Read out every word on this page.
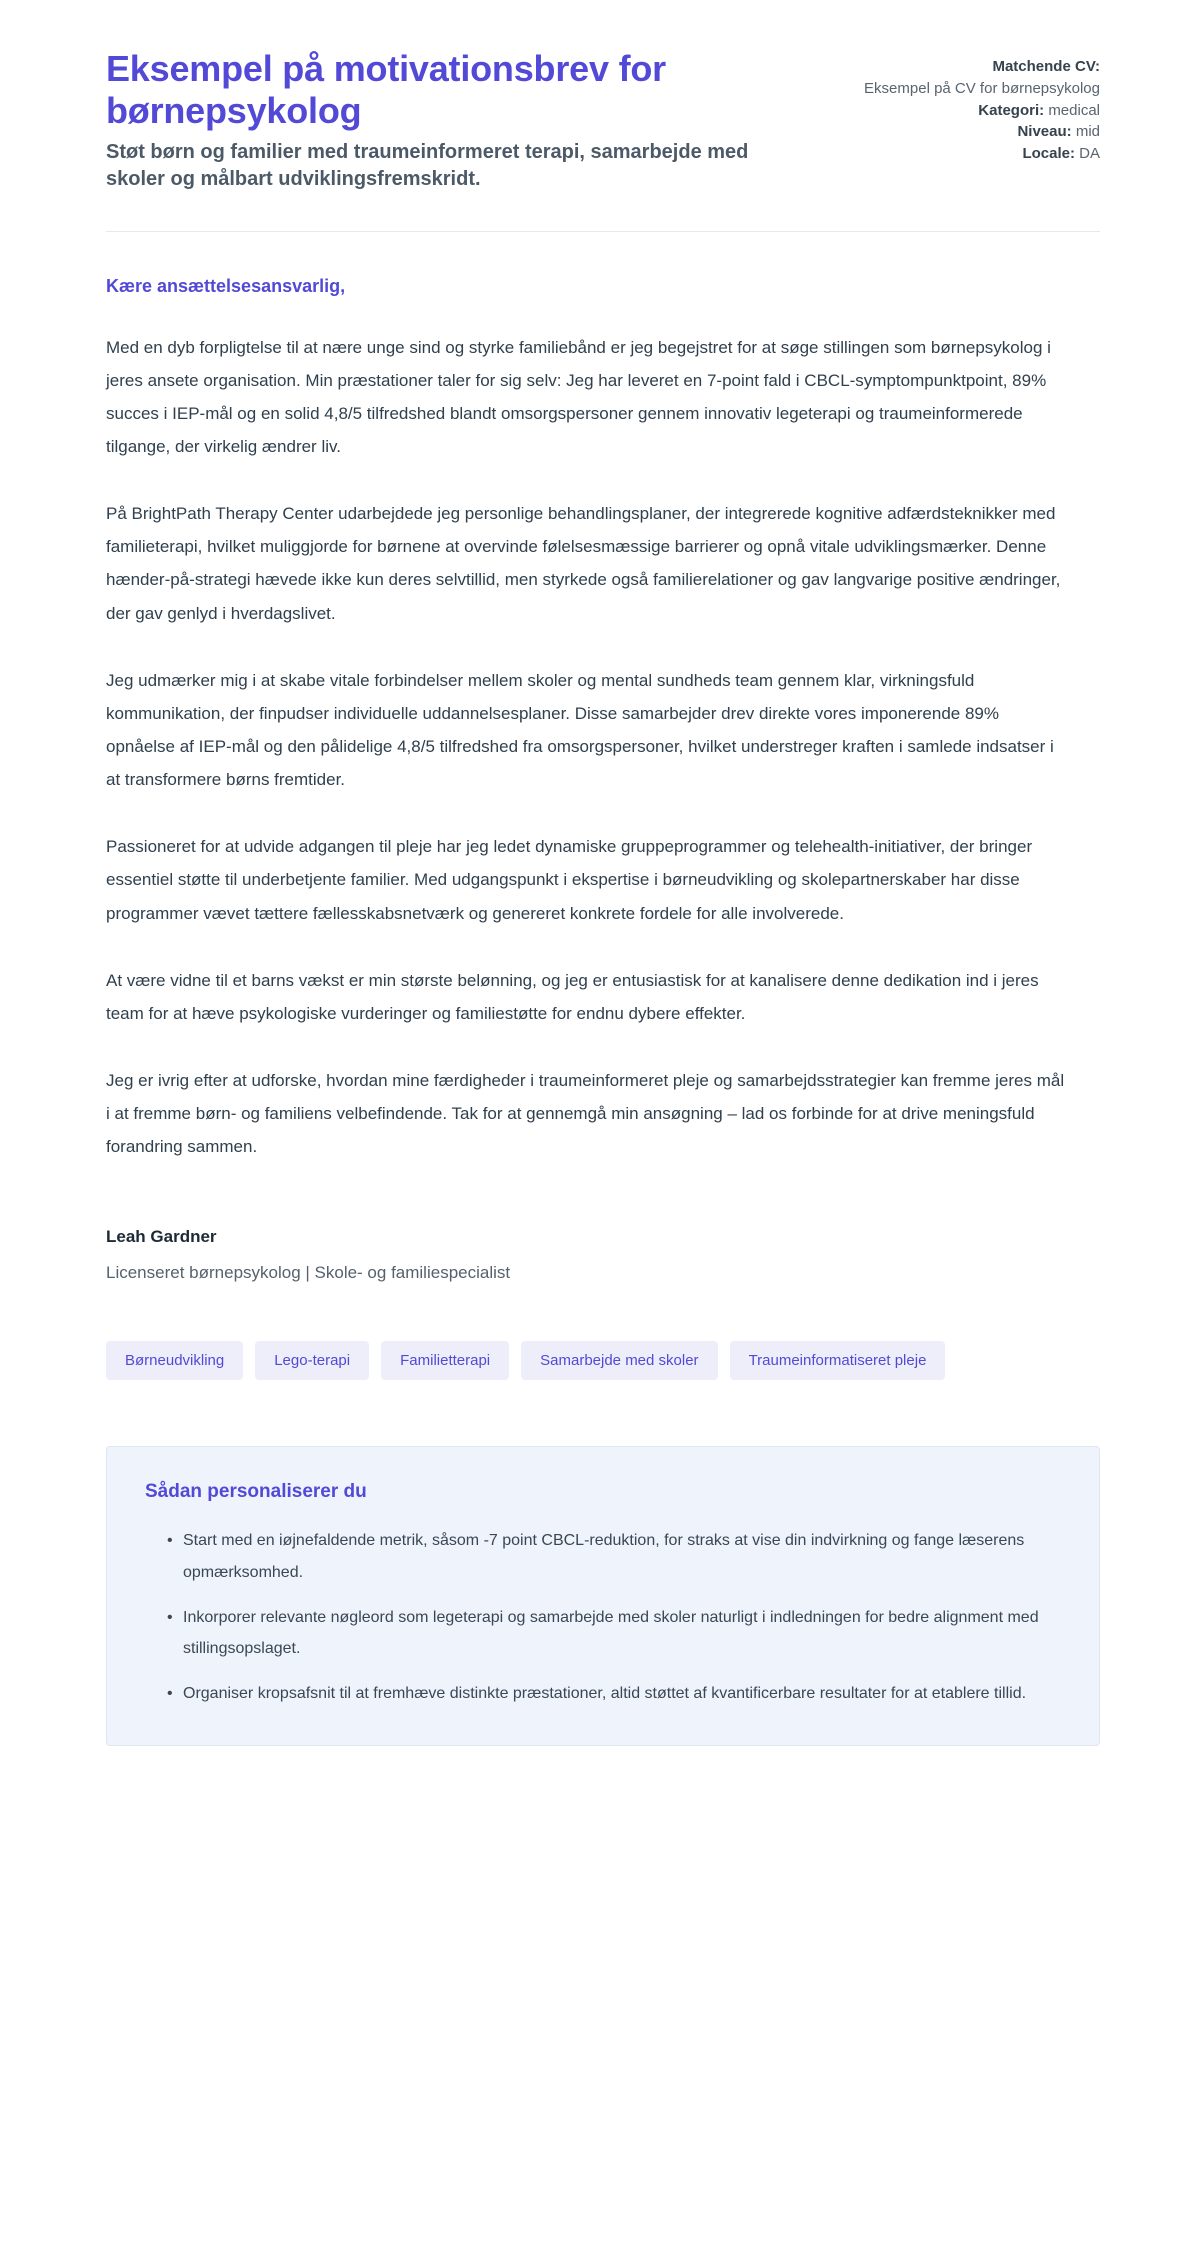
Eksempel på motivationsbrev for børnepsykolog

Støt børn og familier med traumeinformeret terapi, samarbejde med skoler og målbart udviklingsfremskridt.

Matchende CV:
Eksempel på CV for børnepsykolog
Kategori: medical
Niveau: mid
Locale: DA

Kære ansættelsesansvarlig,

Med en dyb forpligtelse til at nære unge sind og styrke familiebånd er jeg begejstret for at søge stillingen som børnepsykolog i jeres ansete organisation. Min præstationer taler for sig selv: Jeg har leveret en 7-point fald i CBCL-symptompunktpoint, 89% succes i IEP-mål og en solid 4,8/5 tilfredshed blandt omsorgspersoner gennem innovativ legeterapi og traumeinformerede tilgange, der virkelig ændrer liv.

På BrightPath Therapy Center udarbejdede jeg personlige behandlingsplaner, der integrerede kognitive adfærdsteknikker med familieterapi, hvilket muliggjorde for børnene at overvinde følelsesmæssige barrierer og opnå vitale udviklingsmærker. Denne hænder-på-strategi hævede ikke kun deres selvtillid, men styrkede også familierelationer og gav langvarige positive ændringer, der gav genlyd i hverdagslivet.

Jeg udmærker mig i at skabe vitale forbindelser mellem skoler og mental sundheds team gennem klar, virkningsfuld kommunikation, der finpudser individuelle uddannelsesplaner. Disse samarbejder drev direkte vores imponerende 89% opnåelse af IEP-mål og den pålidelige 4,8/5 tilfredshed fra omsorgspersoner, hvilket understreger kraften i samlede indsatser i at transformere børns fremtider.

Passioneret for at udvide adgangen til pleje har jeg ledet dynamiske gruppeprogrammer og telehealth-initiativer, der bringer essentiel støtte til underbetjente familier. Med udgangspunkt i ekspertise i børneudvikling og skolepartnerskaber har disse programmer vævet tættere fællesskabsnetværk og genereret konkrete fordele for alle involverede.

At være vidne til et barns vækst er min største belønning, og jeg er entusiastisk for at kanalisere denne dedikation ind i jeres team for at hæve psykologiske vurderinger og familiestøtte for endnu dybere effekter.

Jeg er ivrig efter at udforske, hvordan mine færdigheder i traumeinformeret pleje og samarbejdsstrategier kan fremme jeres mål i at fremme børn- og familiens velbefindende. Tak for at gennemgå min ansøgning – lad os forbinde for at drive meningsfuld forandring sammen.

Leah Gardner

Licenseret børnepsykolog | Skole- og familiespecialist

Børneudvikling	Lego-terapi	Familietterapi	Samarbejde med skoler	Traumeinformatiseret pleje
Sådan personaliserer du
• Start med en iøjnefaldende metrik, såsom -7 point CBCL-reduktion, for straks at vise din indvirkning og fange læserens opmærksomhed.
• Inkorporer relevante nøgleord som legeterapi og samarbejde med skoler naturligt i indledningen for bedre alignment med stillingsopslaget.
• Organiser kropsafsnit til at fremhæve distinkte præstationer, altid støttet af kvantificerbare resultater for at etablere tillid.
